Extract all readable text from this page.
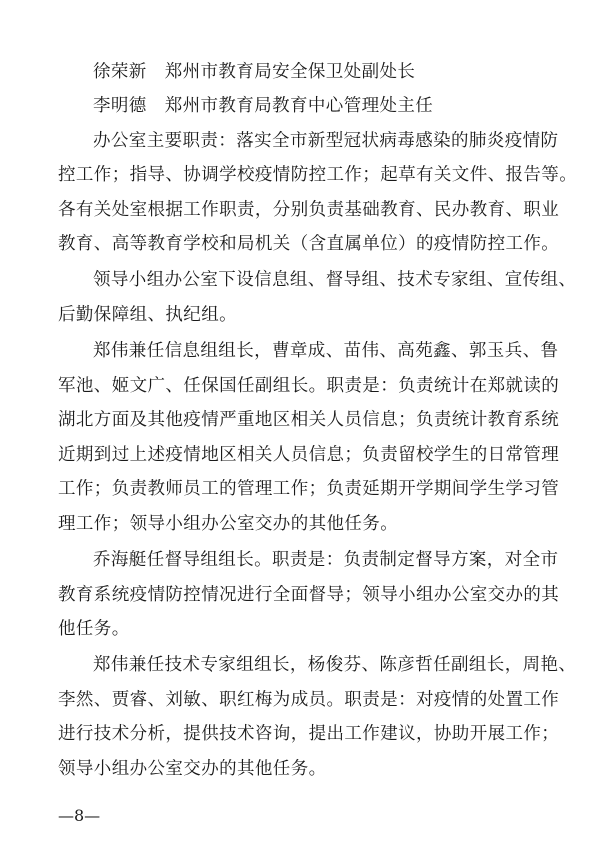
徐荣新 郑州市教育局安全保卫处副处长
李明德 郑州市教育局教育中心管理处主任
办公室主要职责：落实全市新型冠状病毒感染的肺炎疫情防
控工作；指导、协调学校疫情防控工作；起草有关文件、报告等。
各有关处室根据工作职责，分别负责基础教育、民办教育、职业
教育、高等教育学校和局机关（含直属单位）的疫情防控工作。
领导小组办公室下设信息组、督导组、技术专家组、宣传组、
后勤保障组、执纪组。
郑伟兼任信息组组长，曹章成、苗伟、高苑鑫、郭玉兵、鲁
军池、姬文广、任保国任副组长。职责是：负责统计在郑就读的
湖北方面及其他疫情严重地区相关人员信息；负责统计教育系统
近期到过上述疫情地区相关人员信息；负责留校学生的日常管理
工作；负责教师员工的管理工作；负责延期开学期间学生学习管
理工作；领导小组办公室交办的其他任务。
乔海艇任督导组组长。职责是：负责制定督导方案，对全市
教育系统疫情防控情况进行全面督导；领导小组办公室交办的其
他任务。
郑伟兼任技术专家组组长，杨俊芬、陈彦哲任副组长，周艳、
李然、贾睿、刘敏、职红梅为成员。职责是：对疫情的处置工作
进行技术分析，提供技术咨询，提出工作建议，协助开展工作；
领导小组办公室交办的其他任务。
—8—
